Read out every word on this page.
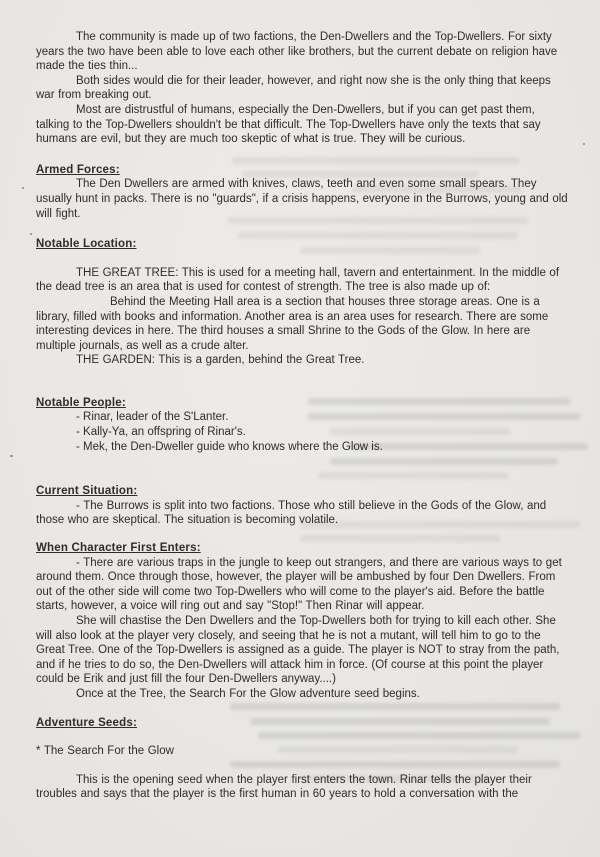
The community is made up of two factions, the Den-Dwellers and the Top-Dwellers. For sixty years the two have been able to love each other like brothers, but the current debate on religion have made the ties thin...

Both sides would die for their leader, however, and right now she is the only thing that keeps war from breaking out.

Most are distrustful of humans, especially the Den-Dwellers, but if you can get past them, talking to the Top-Dwellers shouldn't be that difficult. The Top-Dwellers have only the texts that say humans are evil, but they are much too skeptic of what is true. They will be curious.

Armed Forces:

The Den Dwellers are armed with knives, claws, teeth and even some small spears. They usually hunt in packs. There is no "guards", if a crisis happens, everyone in the Burrows, young and old will fight.

Notable Location:

THE GREAT TREE: This is used for a meeting hall, tavern and entertainment. In the middle of the dead tree is an area that is used for contest of strength. The tree is also made up of:

Behind the Meeting Hall area is a section that houses three storage areas. One is a library, filled with books and information. Another area is an area uses for research. There are some interesting devices in here. The third houses a small Shrine to the Gods of the Glow. In here are multiple journals, as well as a crude alter.

THE GARDEN: This is a garden, behind the Great Tree.

Notable People:

- Rinar, leader of the S'Lanter.

- Kally-Ya, an offspring of Rinar's.

- Mek, the Den-Dweller guide who knows where the Glow is.

Current Situation:

- The Burrows is split into two factions. Those who still believe in the Gods of the Glow, and those who are skeptical. The situation is becoming volatile.

When Character First Enters:

- There are various traps in the jungle to keep out strangers, and there are various ways to get around them. Once through those, however, the player will be ambushed by four Den Dwellers. From out of the other side will come two Top-Dwellers who will come to the player's aid. Before the battle starts, however, a voice will ring out and say "Stop!" Then Rinar will appear.

She will chastise the Den Dwellers and the Top-Dwellers both for trying to kill each other. She will also look at the player very closely, and seeing that he is not a mutant, will tell him to go to the Great Tree. One of the Top-Dwellers is assigned as a guide. The player is NOT to stray from the path, and if he tries to do so, the Den-Dwellers will attack him in force. (Of course at this point the player could be Erik and just fill the four Den-Dwellers anyway....)

Once at the Tree, the Search For the Glow adventure seed begins.

Adventure Seeds:

* The Search For the Glow

This is the opening seed when the player first enters the town. Rinar tells the player their troubles and says that the player is the first human in 60 years to hold a conversation with the
